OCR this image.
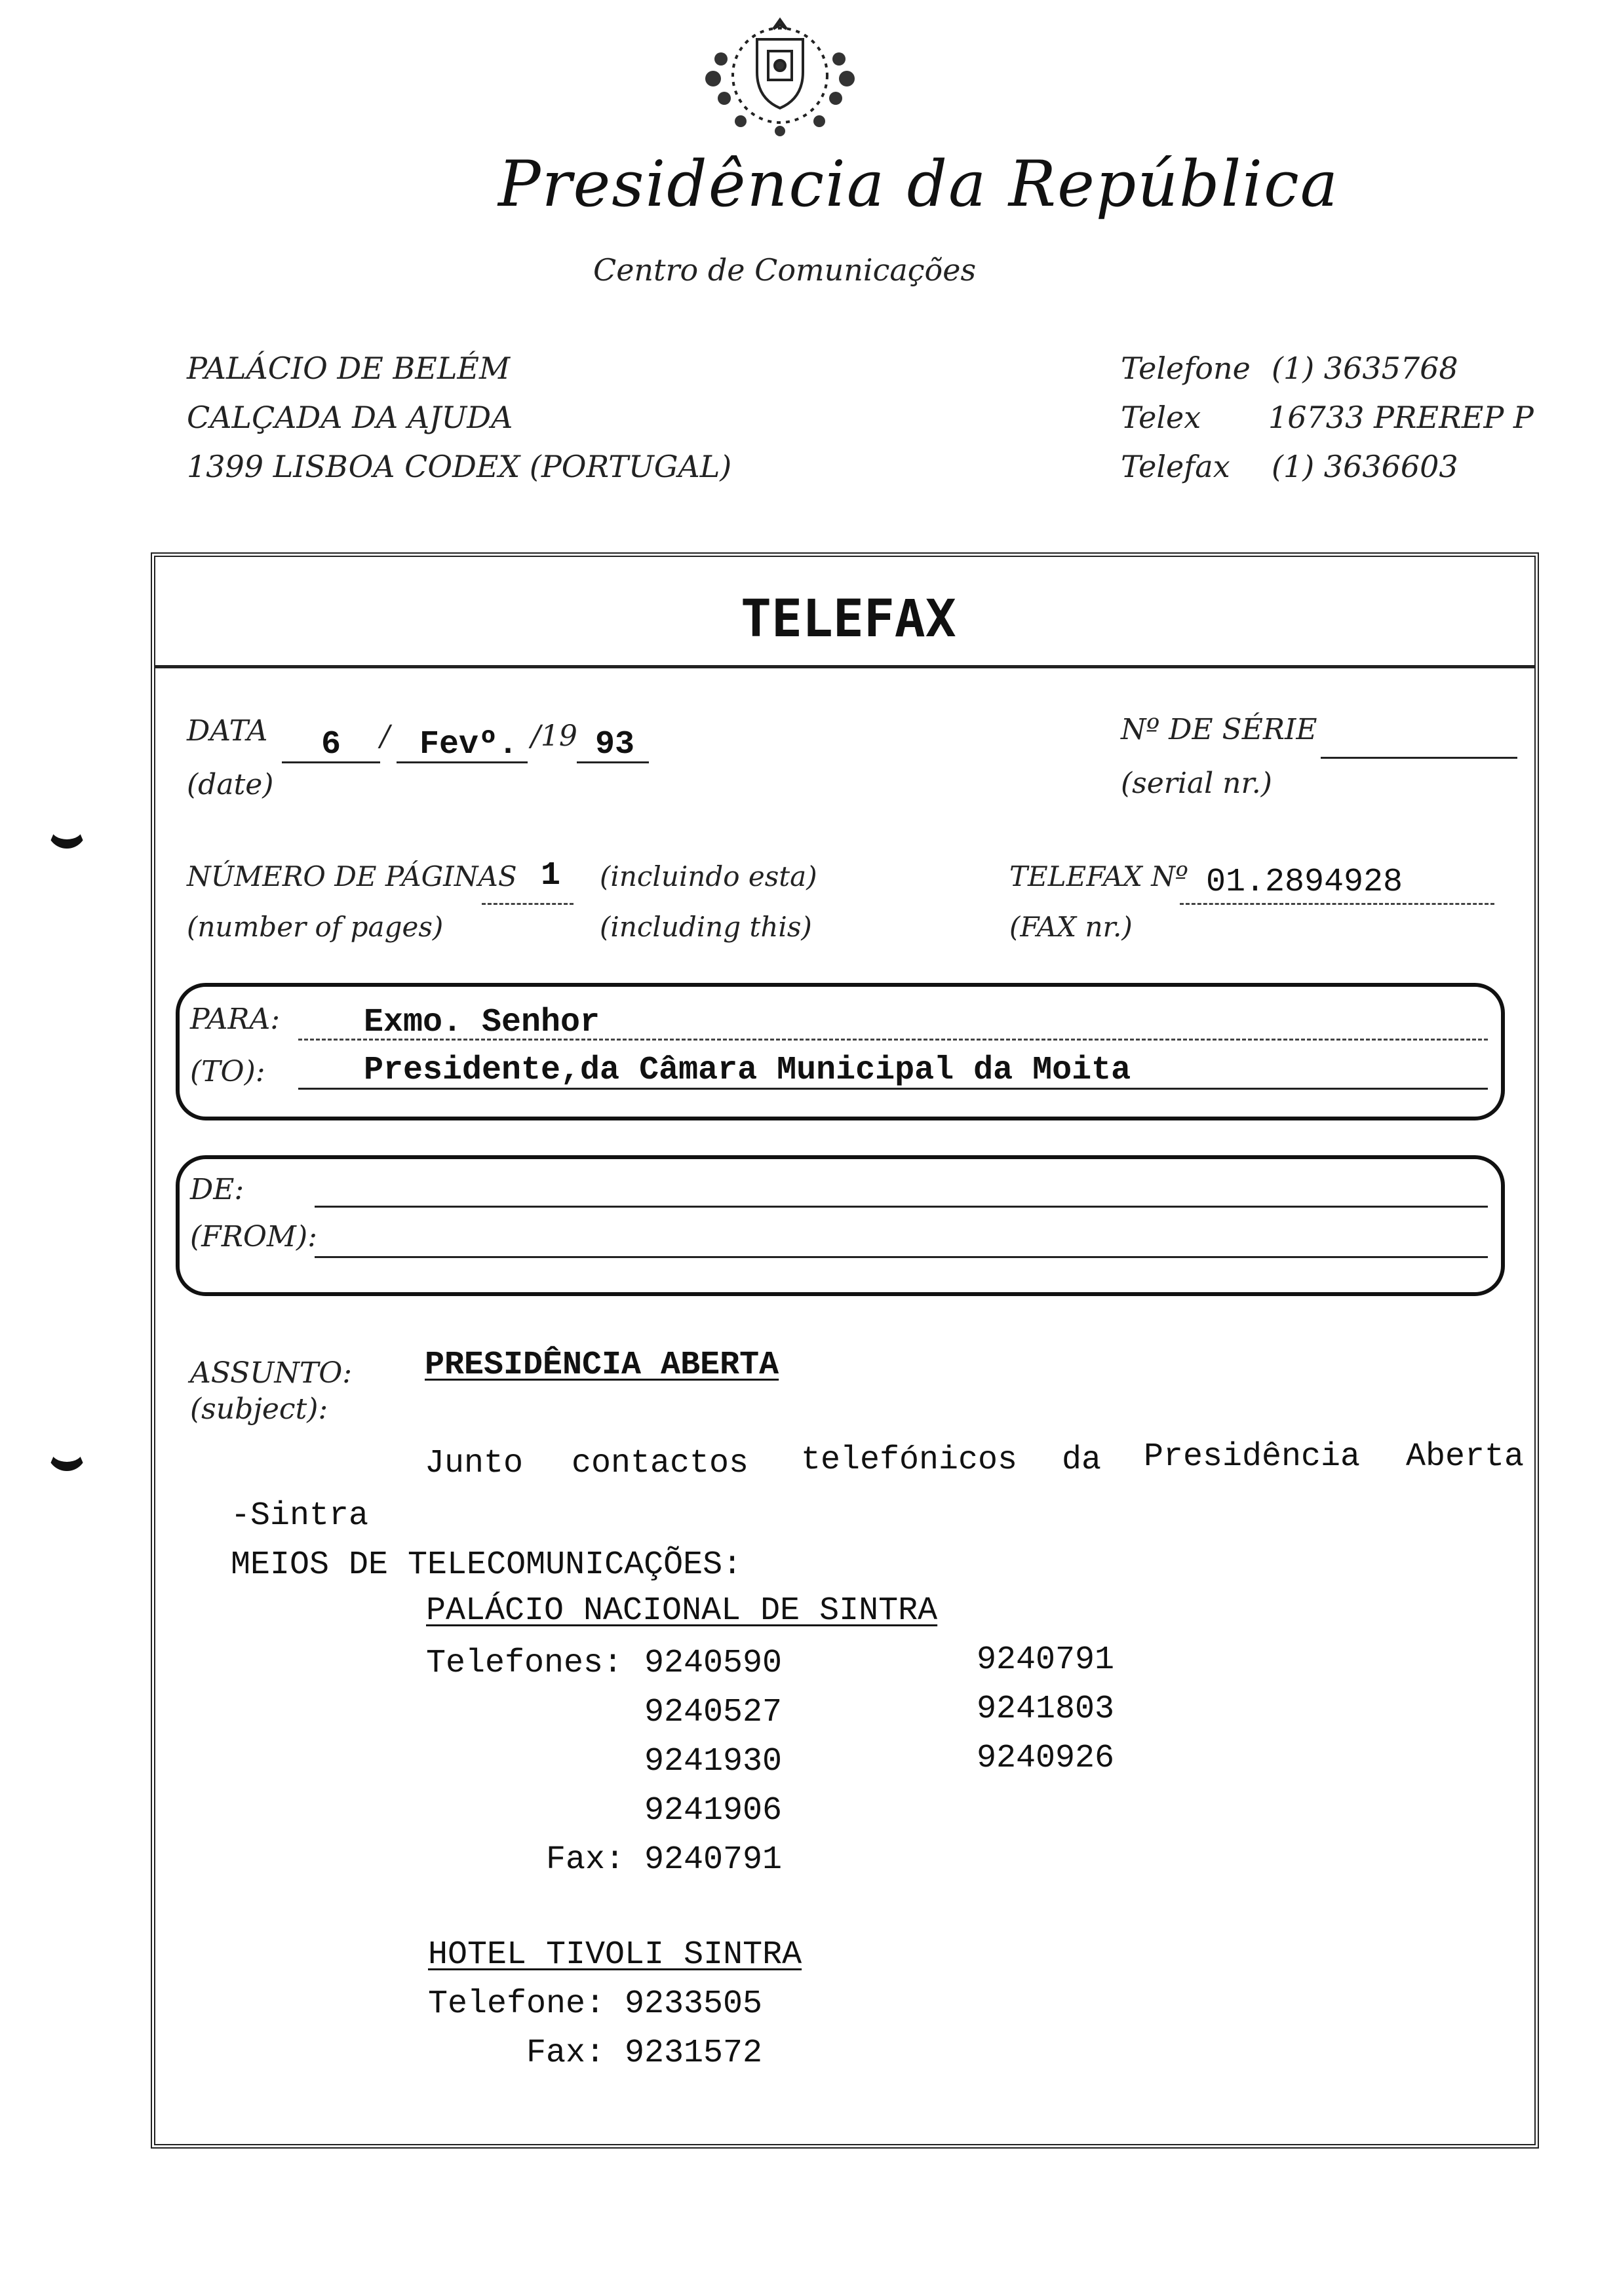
Presidência da República
Centro de Comunicações
PALÁCIO DE BELÉM
CALÇADA DA AJUDA
1399 LISBOA CODEX (PORTUGAL)
Telefone (1) 3635768
Telex 16733 PREREP P
Telefax (1) 3636603
TELEFAX
DATA
(date)
6 / Fevº. /19 93	Nº DE SÉRIE
(serial nr.)
NÚMERO DE PÁGINAS
(number of pages)
1 (incluindo esta)
(including this)
TELEFAX Nº
(FAX nr.)
01.2894928
PARA:
(TO):
Exmo. Senhor
Presidente,da Câmara Municipal da Moita
DE:
(FROM):
ASSUNTO:
(subject):
PRESIDÊNCIA ABERTA
Junto contactos telefónicos da Presidência Aberta
-Sintra
MEIOS DE TELECOMUNICAÇÕES:
PALÁCIO NACIONAL DE SINTRA
Telefones: 9240590
9240527
9241930
9241906
9240791
9241803
9240926
Fax: 9240791
HOTEL TIVOLI SINTRA
Telefone: 9233505
Fax: 9231572
